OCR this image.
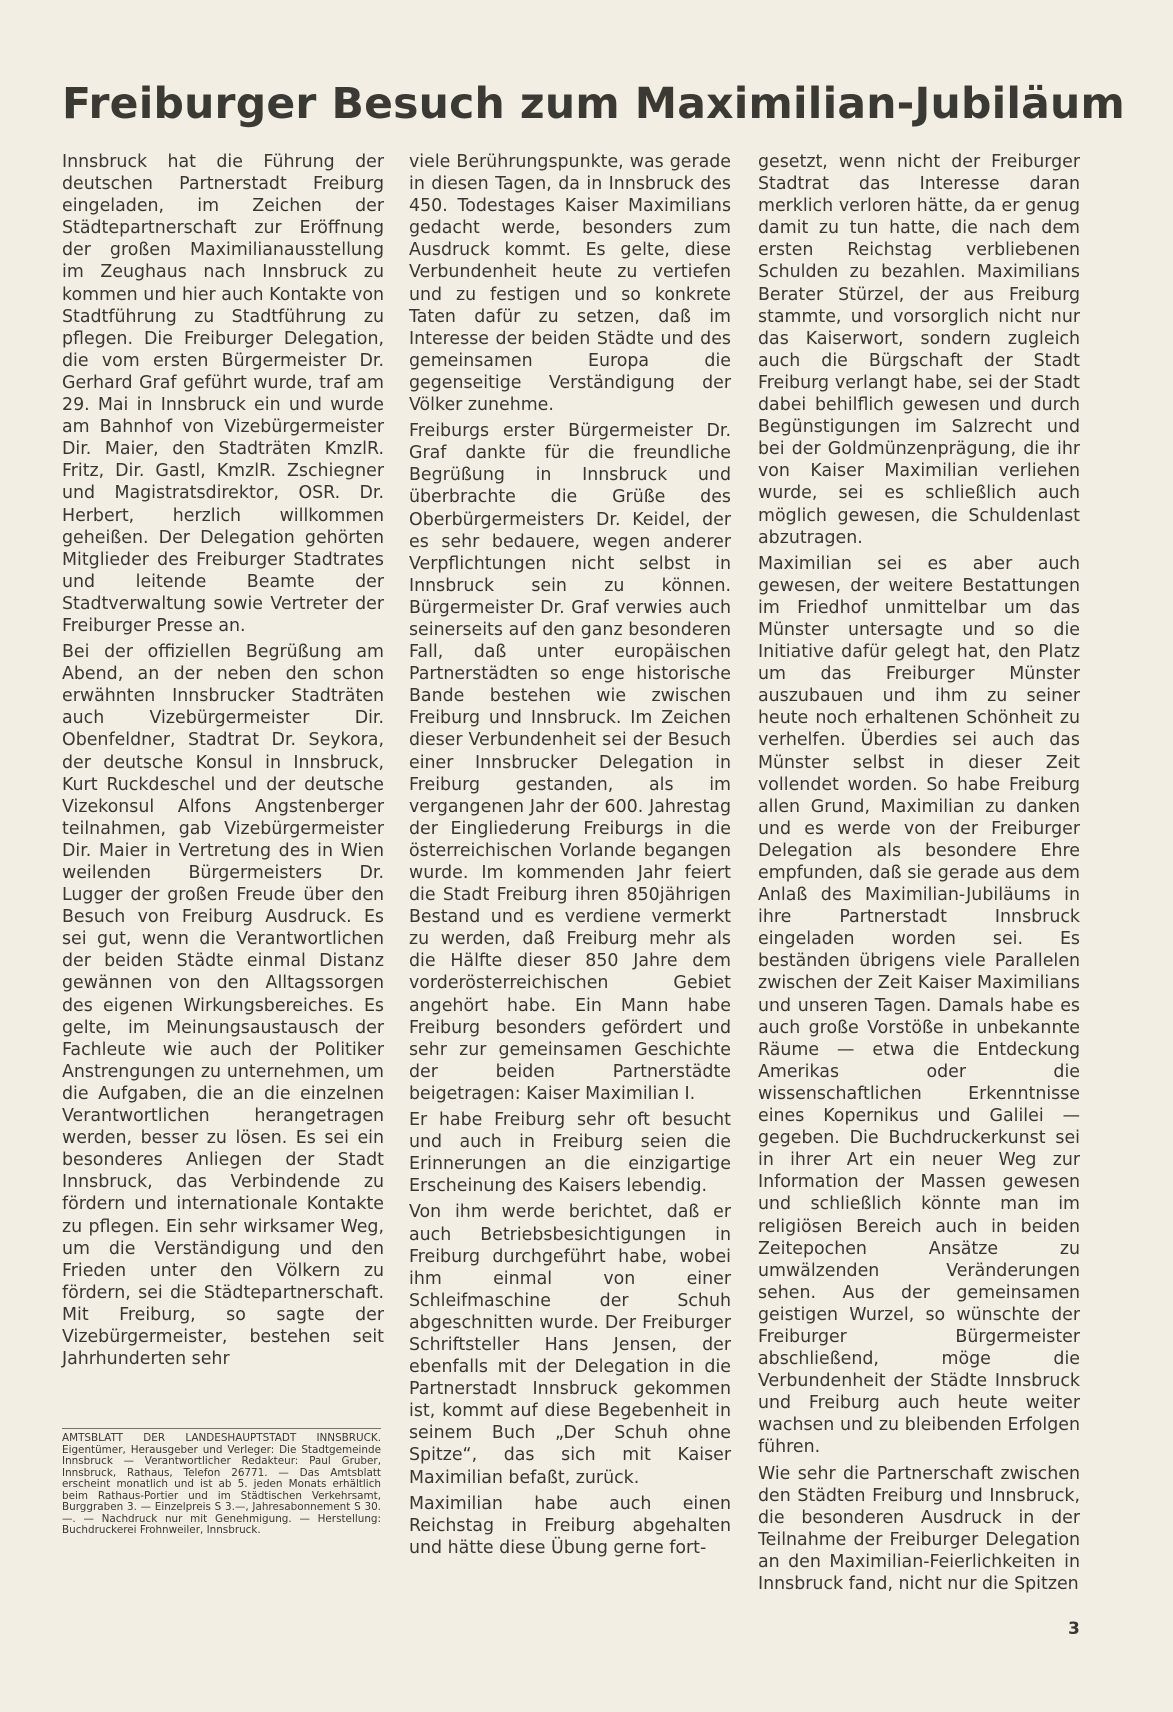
Freiburger Besuch zum Maximilian-Jubiläum

Innsbruck hat die Führung der deutschen Partnerstadt Freiburg eingeladen, im Zeichen der Städtepartnerschaft zur Eröffnung der großen Maximilianausstellung im Zeughaus nach Innsbruck zu kommen und hier auch Kontakte von Stadtführung zu Stadtführung zu pflegen. Die Freiburger Delegation, die vom ersten Bürgermeister Dr. Gerhard Graf geführt wurde, traf am 29. Mai in Innsbruck ein und wurde am Bahnhof von Vizebürgermeister Dir. Maier, den Stadträten KmzlR. Fritz, Dir. Gastl, KmzlR. Zschiegner und Magistratsdirektor, OSR. Dr. Herbert, herzlich willkommen geheißen. Der Delegation gehörten Mitglieder des Freiburger Stadtrates und leitende Beamte der Stadtverwaltung sowie Vertreter der Freiburger Presse an.

Bei der offiziellen Begrüßung am Abend, an der neben den schon erwähnten Innsbrucker Stadträten auch Vizebürgermeister Dir. Obenfeldner, Stadtrat Dr. Seykora, der deutsche Konsul in Innsbruck, Kurt Ruckdeschel und der deutsche Vizekonsul Alfons Angstenberger teilnahmen, gab Vizebürgermeister Dir. Maier in Vertretung des in Wien weilenden Bürgermeisters Dr. Lugger der großen Freude über den Besuch von Freiburg Ausdruck. Es sei gut, wenn die Verantwortlichen der beiden Städte einmal Distanz gewännen von den Alltagssorgen des eigenen Wirkungsbereiches. Es gelte, im Meinungsaustausch der Fachleute wie auch der Politiker Anstrengungen zu unternehmen, um die Aufgaben, die an die einzelnen Verantwortlichen herangetragen werden, besser zu lösen. Es sei ein besonderes Anliegen der Stadt Innsbruck, das Verbindende zu fördern und internationale Kontakte zu pflegen. Ein sehr wirksamer Weg, um die Verständigung und den Frieden unter den Völkern zu fördern, sei die Städtepartnerschaft. Mit Freiburg, so sagte der Vizebürgermeister, bestehen seit Jahrhunderten sehr

viele Berührungspunkte, was gerade in diesen Tagen, da in Innsbruck des 450. Todestages Kaiser Maximilians gedacht werde, besonders zum Ausdruck kommt. Es gelte, diese Verbundenheit heute zu vertiefen und zu festigen und so konkrete Taten dafür zu setzen, daß im Interesse der beiden Städte und des gemeinsamen Europa die gegenseitige Verständigung der Völker zunehme.

Freiburgs erster Bürgermeister Dr. Graf dankte für die freundliche Begrüßung in Innsbruck und überbrachte die Grüße des Oberbürgermeisters Dr. Keidel, der es sehr bedauere, wegen anderer Verpflichtungen nicht selbst in Innsbruck sein zu können. Bürgermeister Dr. Graf verwies auch seinerseits auf den ganz besonderen Fall, daß unter europäischen Partnerstädten so enge historische Bande bestehen wie zwischen Freiburg und Innsbruck. Im Zeichen dieser Verbundenheit sei der Besuch einer Innsbrucker Delegation in Freiburg gestanden, als im vergangenen Jahr der 600. Jahrestag der Eingliederung Freiburgs in die österreichischen Vorlande begangen wurde. Im kommenden Jahr feiert die Stadt Freiburg ihren 850jährigen Bestand und es verdiene vermerkt zu werden, daß Freiburg mehr als die Hälfte dieser 850 Jahre dem vorderösterreichischen Gebiet angehört habe. Ein Mann habe Freiburg besonders gefördert und sehr zur gemeinsamen Geschichte der beiden Partnerstädte beigetragen: Kaiser Maximilian I.

Er habe Freiburg sehr oft besucht und auch in Freiburg seien die Erinnerungen an die einzigartige Erscheinung des Kaisers lebendig.

Von ihm werde berichtet, daß er auch Betriebsbesichtigungen in Freiburg durchgeführt habe, wobei ihm einmal von einer Schleifmaschine der Schuh abgeschnitten wurde. Der Freiburger Schriftsteller Hans Jensen, der ebenfalls mit der Delegation in die Partnerstadt Innsbruck gekommen ist, kommt auf diese Begebenheit in seinem Buch „Der Schuh ohne Spitze“, das sich mit Kaiser Maximilian befaßt, zurück.

Maximilian habe auch einen Reichstag in Freiburg abgehalten und hätte diese Übung gerne fort-

gesetzt, wenn nicht der Freiburger Stadtrat das Interesse daran merklich verloren hätte, da er genug damit zu tun hatte, die nach dem ersten Reichstag verbliebenen Schulden zu bezahlen. Maximilians Berater Stürzel, der aus Freiburg stammte, und vorsorglich nicht nur das Kaiserwort, sondern zugleich auch die Bürgschaft der Stadt Freiburg verlangt habe, sei der Stadt dabei behilflich gewesen und durch Begünstigungen im Salzrecht und bei der Goldmünzenprägung, die ihr von Kaiser Maximilian verliehen wurde, sei es schließlich auch möglich gewesen, die Schuldenlast abzutragen.

Maximilian sei es aber auch gewesen, der weitere Bestattungen im Friedhof unmittelbar um das Münster untersagte und so die Initiative dafür gelegt hat, den Platz um das Freiburger Münster auszubauen und ihm zu seiner heute noch erhaltenen Schönheit zu verhelfen. Überdies sei auch das Münster selbst in dieser Zeit vollendet worden. So habe Freiburg allen Grund, Maximilian zu danken und es werde von der Freiburger Delegation als besondere Ehre empfunden, daß sie gerade aus dem Anlaß des Maximilian-Jubiläums in ihre Partnerstadt Innsbruck eingeladen worden sei. Es beständen übrigens viele Parallelen zwischen der Zeit Kaiser Maximilians und unseren Tagen. Damals habe es auch große Vorstöße in unbekannte Räume — etwa die Entdeckung Amerikas oder die wissenschaftlichen Erkenntnisse eines Kopernikus und Galilei — gegeben. Die Buchdruckerkunst sei in ihrer Art ein neuer Weg zur Information der Massen gewesen und schließlich könnte man im religiösen Bereich auch in beiden Zeitepochen Ansätze zu umwälzenden Veränderungen sehen. Aus der gemeinsamen geistigen Wurzel, so wünschte der Freiburger Bürgermeister abschließend, möge die Verbundenheit der Städte Innsbruck und Freiburg auch heute weiter wachsen und zu bleibenden Erfolgen führen.

Wie sehr die Partnerschaft zwischen den Städten Freiburg und Innsbruck, die besonderen Ausdruck in der Teilnahme der Freiburger Delegation an den Maximilian-Feierlichkeiten in Innsbruck fand, nicht nur die Spitzen

AMTSBLATT DER LANDESHAUPTSTADT INNSBRUCK. Eigentümer, Herausgeber und Verleger: Die Stadtgemeinde Innsbruck — Verantwortlicher Redakteur: Paul Gruber, Innsbruck, Rathaus, Telefon 26771. — Das Amtsblatt erscheint monatlich und ist ab 5. jeden Monats erhältlich beim Rathaus-Portier und im Städtischen Verkehrsamt, Burggraben 3. — Einzelpreis S 3.—, Jahresabonnement S 30.—. — Nachdruck nur mit Genehmigung. — Herstellung: Buchdruckerei Frohnweiler, Innsbruck.
3
